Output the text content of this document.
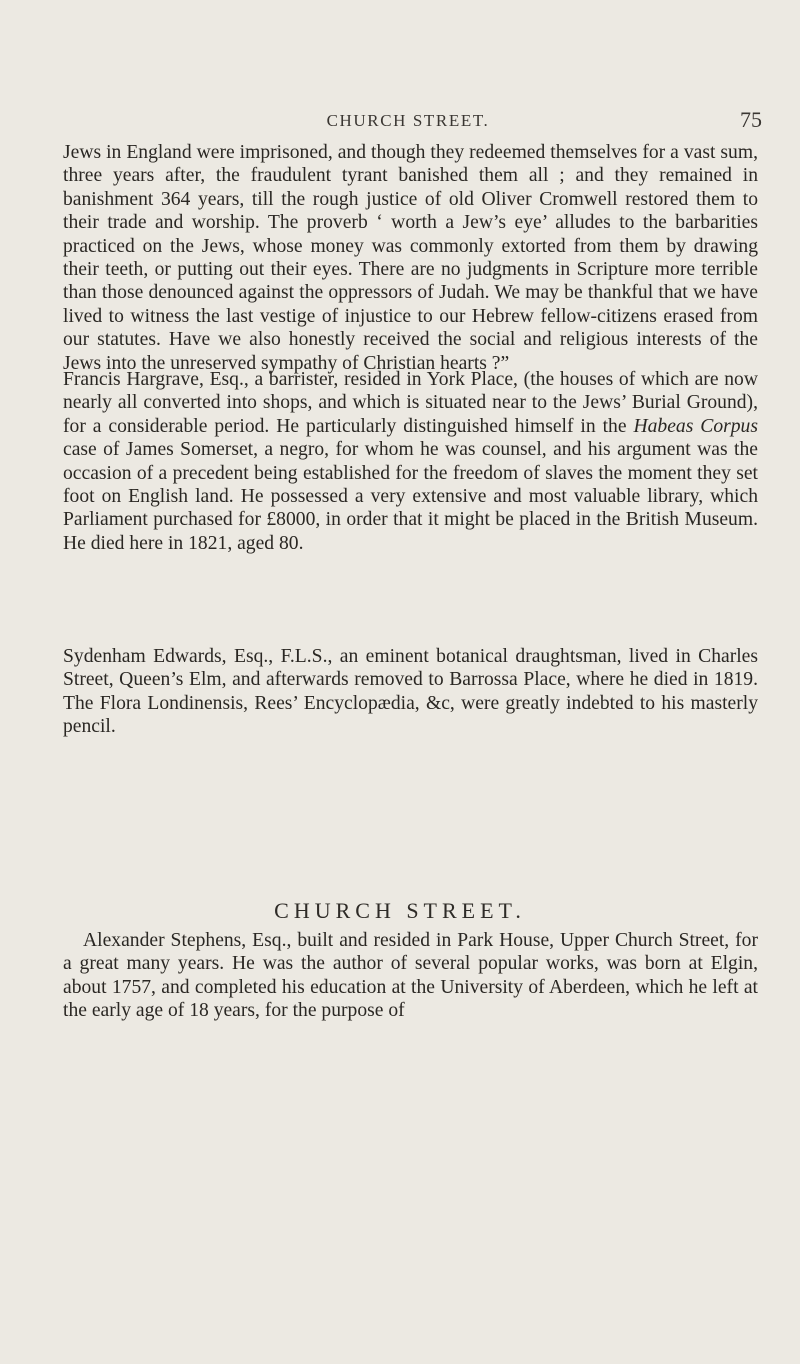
CHURCH STREET.	75

Jews in England were imprisoned, and though they redeemed themselves for a vast sum, three years after, the fraudulent tyrant banished them all ; and they remained in banishment 364 years, till the rough justice of old Oliver Cromwell restored them to their trade and worship. The proverb ‘ worth a Jew’s eye’ alludes to the barbarities practiced on the Jews, whose money was commonly extorted from them by drawing their teeth, or putting out their eyes. There are no judgments in Scripture more terrible than those denounced against the oppressors of Judah. We may be thankful that we have lived to witness the last vestige of injustice to our Hebrew fellow-citizens erased from our statutes. Have we also honestly received the social and religious interests of the Jews into the unreserved sympathy of Christian hearts ?”

Francis Hargrave, Esq., a barrister, resided in York Place, (the houses of which are now nearly all converted into shops, and which is situated near to the Jews’ Burial Ground), for a considerable period. He particularly distinguished himself in the Habeas Corpus case of James Somerset, a negro, for whom he was counsel, and his argument was the occasion of a precedent being established for the freedom of slaves the moment they set foot on English land. He possessed a very extensive and most valuable library, which Parliament purchased for £8000, in order that it might be placed in the British Museum. He died here in 1821, aged 80.

Sydenham Edwards, Esq., F.L.S., an eminent botanical draughtsman, lived in Charles Street, Queen’s Elm, and afterwards removed to Barrossa Place, where he died in 1819. The Flora Londinensis, Rees’ Encyclopædia, &c, were greatly indebted to his masterly pencil.

CHURCH STREET.

Alexander Stephens, Esq., built and resided in Park House, Upper Church Street, for a great many years. He was the author of several popular works, was born at Elgin, about 1757, and completed his education at the University of Aberdeen, which he left at the early age of 18 years, for the purpose of
